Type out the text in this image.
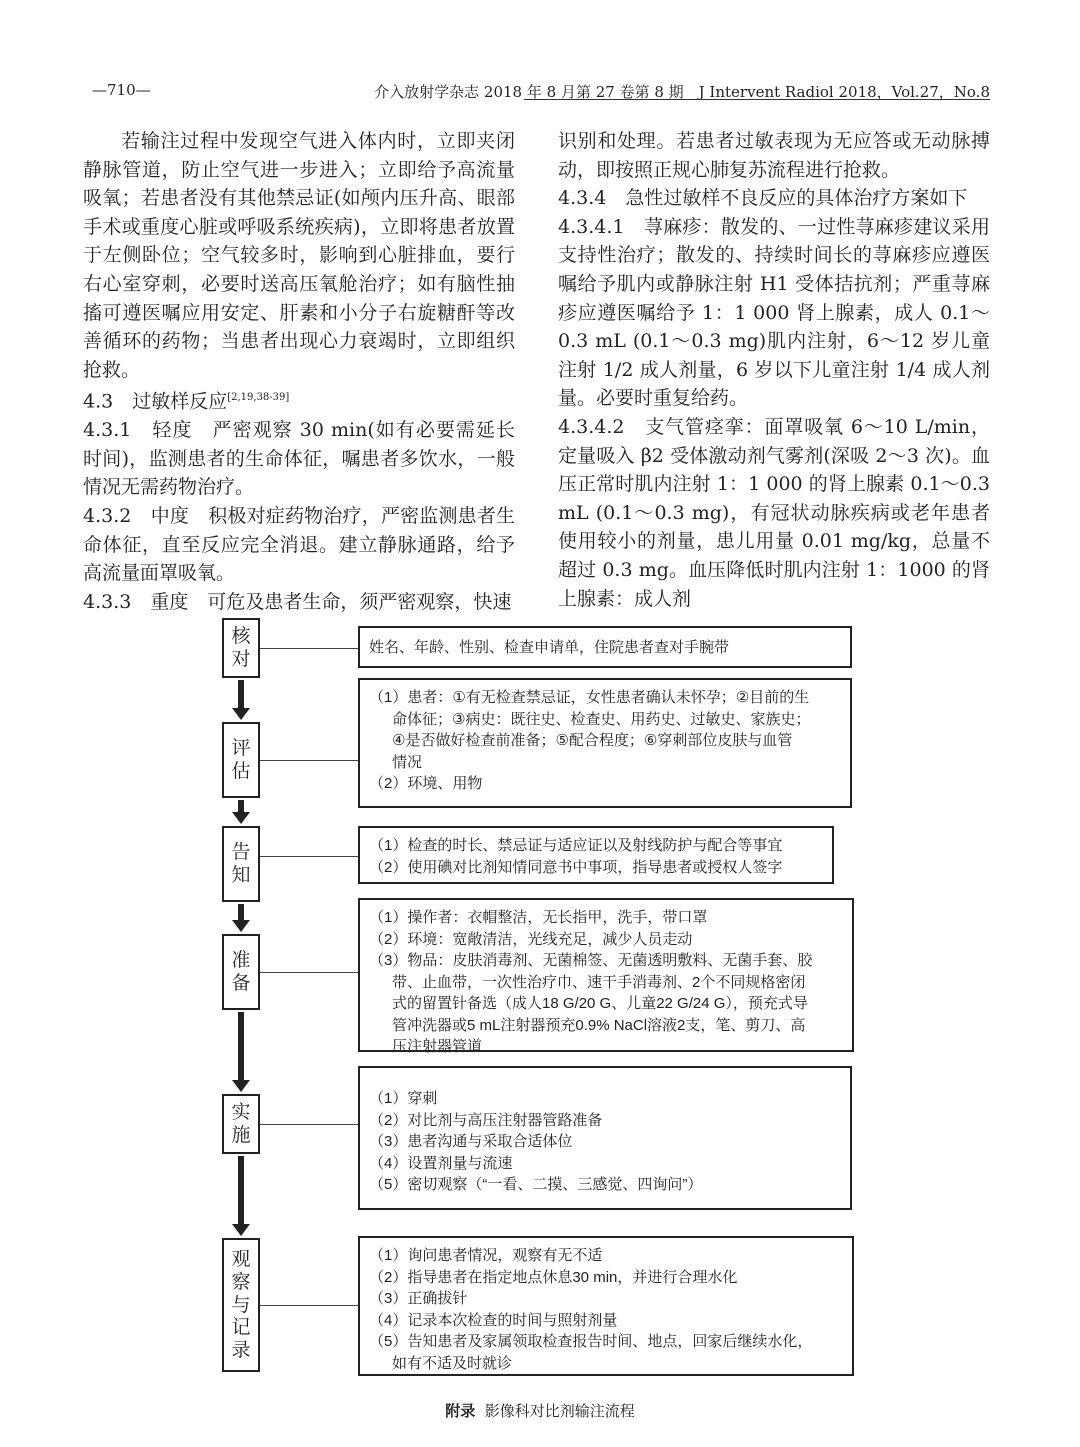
—710—	介入放射学杂志 2018 年 8 月第 27 卷第 8 期　J Intervent Radiol 2018，Vol.27，No.8

若输注过程中发现空气进入体内时，立即夹闭静脉管道，防止空气进一步进入；立即给予高流量吸氧；若患者没有其他禁忌证(如颅内压升高、眼部手术或重度心脏或呼吸系统疾病)，立即将患者放置于左侧卧位；空气较多时，影响到心脏排血，要行右心室穿刺，必要时送高压氧舱治疗；如有脑性抽搐可遵医嘱应用安定、肝素和小分子右旋糖酐等改善循环的药物；当患者出现心力衰竭时，立即组织抢救。

4.3　过敏样反应[2,19,38-39]

4.3.1　轻度　严密观察 30 min(如有必要需延长时间)，监测患者的生命体征，嘱患者多饮水，一般情况无需药物治疗。

4.3.2　中度　积极对症药物治疗，严密监测患者生命体征，直至反应完全消退。建立静脉通路，给予高流量面罩吸氧。

4.3.3　重度　可危及患者生命，须严密观察，快速

识别和处理。若患者过敏表现为无应答或无动脉搏动，即按照正规心肺复苏流程进行抢救。

4.3.4　急性过敏样不良反应的具体治疗方案如下

4.3.4.1　荨麻疹：散发的、一过性荨麻疹建议采用支持性治疗；散发的、持续时间长的荨麻疹应遵医嘱给予肌内或静脉注射 H1 受体拮抗剂；严重荨麻疹应遵医嘱给予 1：1 000 肾上腺素，成人 0.1～0.3 mL (0.1～0.3 mg)肌内注射，6～12 岁儿童注射 1/2 成人剂量，6 岁以下儿童注射 1/4 成人剂量。必要时重复给药。

4.3.4.2　支气管痉挛：面罩吸氧 6～10 L/min，定量吸入 β2 受体激动剂气雾剂(深吸 2～3 次)。血压正常时肌内注射 1：1 000 的肾上腺素 0.1～0.3 mL (0.1～0.3 mg)，有冠状动脉疾病或老年患者使用较小的剂量，患儿用量 0.01 mg/kg，总量不超过 0.3 mg。血压降低时肌内注射 1：1000 的肾上腺素：成人剂

核
对
姓名、年龄、性别、检查申请单，住院患者查对手腕带
评
估
（1）患者：①有无检查禁忌证，女性患者确认未怀孕；②目前的生
命体征；③病史：既往史、检查史、用药史、过敏史、家族史；
④是否做好检查前准备；⑤配合程度；⑥穿刺部位皮肤与血管
情况
（2）环境、用物
告
知
（1）检查的时长、禁忌证与适应证以及射线防护与配合等事宜
（2）使用碘对比剂知情同意书中事项，指导患者或授权人签字
准
备
（1）操作者：衣帽整洁，无长指甲，洗手，带口罩
（2）环境：宽敞清洁，光线充足，减少人员走动
（3）物品：皮肤消毒剂、无菌棉签、无菌透明敷料、无菌手套、胶
带、止血带，一次性治疗巾、速干手消毒剂、2个不同规格密闭
式的留置针备选（成人18 G/20 G、儿童22 G/24 G），预充式导
管冲洗器或5 mL注射器预充0.9% NaCl溶液2支，笔、剪刀、高
压注射器管道
实
施
（1）穿刺
（2）对比剂与高压注射器管路准备
（3）患者沟通与采取合适体位
（4）设置剂量与流速
（5）密切观察（“一看、二摸、三感觉、四询问”）
观
察
与
记
录
（1）询问患者情况，观察有无不适
（2）指导患者在指定地点休息30 min，并进行合理水化
（3）正确拔针
（4）记录本次检查的时间与照射剂量
（5）告知患者及家属领取检查报告时间、地点，回家后继续水化，
如有不适及时就诊
附录 影像科对比剂输注流程
